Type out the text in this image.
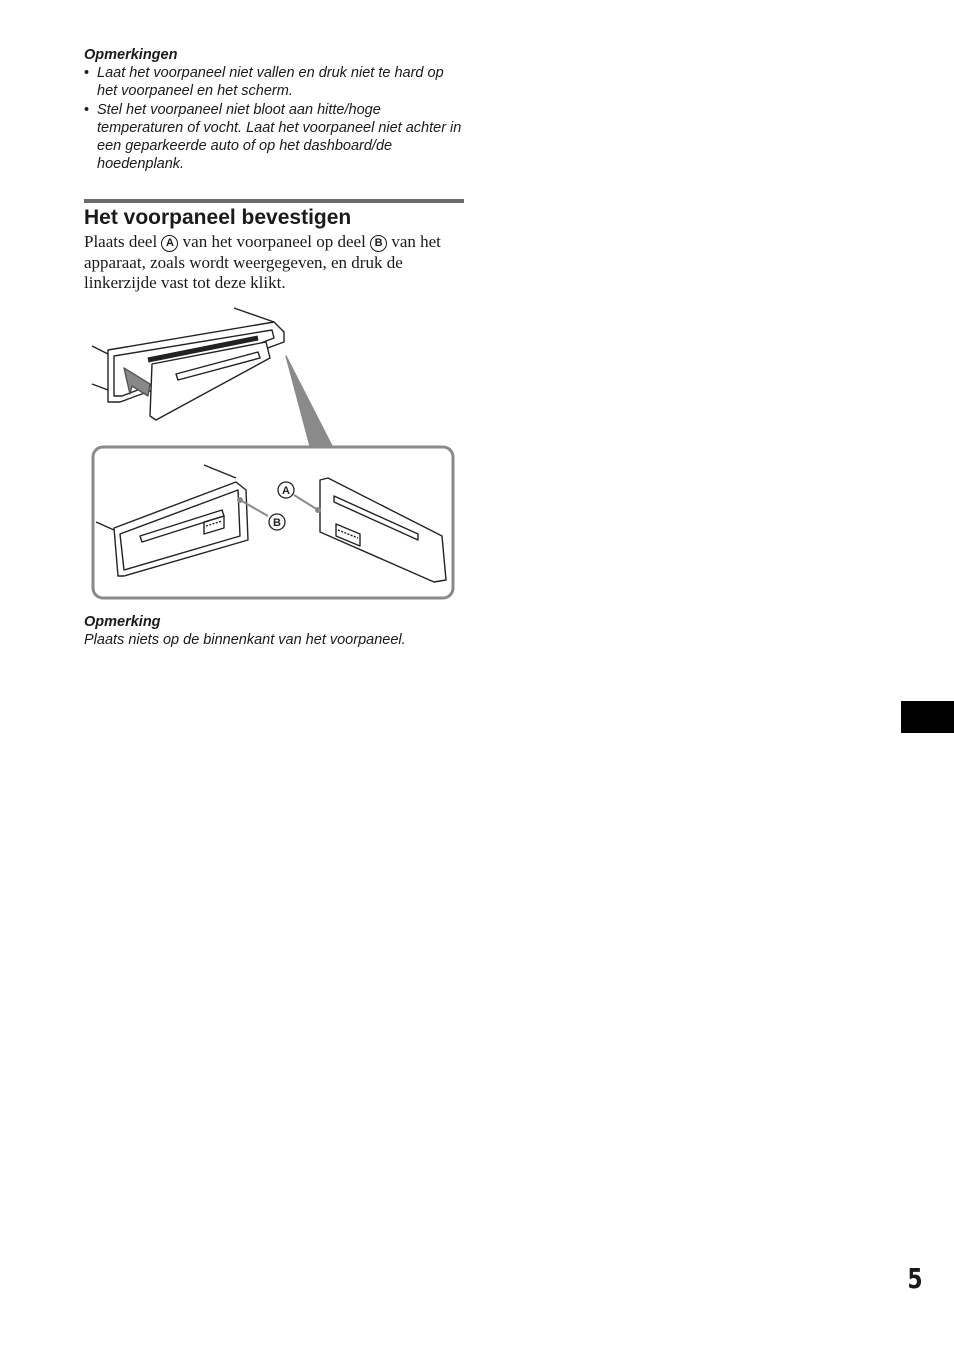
Opmerkingen

• Laat het voorpaneel niet vallen en druk niet te hard op het voorpaneel en het scherm.
• Stel het voorpaneel niet bloot aan hitte/hoge temperaturen of vocht. Laat het voorpaneel niet achter in een geparkeerde auto of op het dashboard/de hoedenplank.
Het voorpaneel bevestigen

Plaats deel A van het voorpaneel op deel B van het apparaat, zoals wordt weergegeven, en druk de linkerzijde vast tot deze klikt.

A
B

Opmerking

Plaats niets op de binnenkant van het voorpaneel.

5
